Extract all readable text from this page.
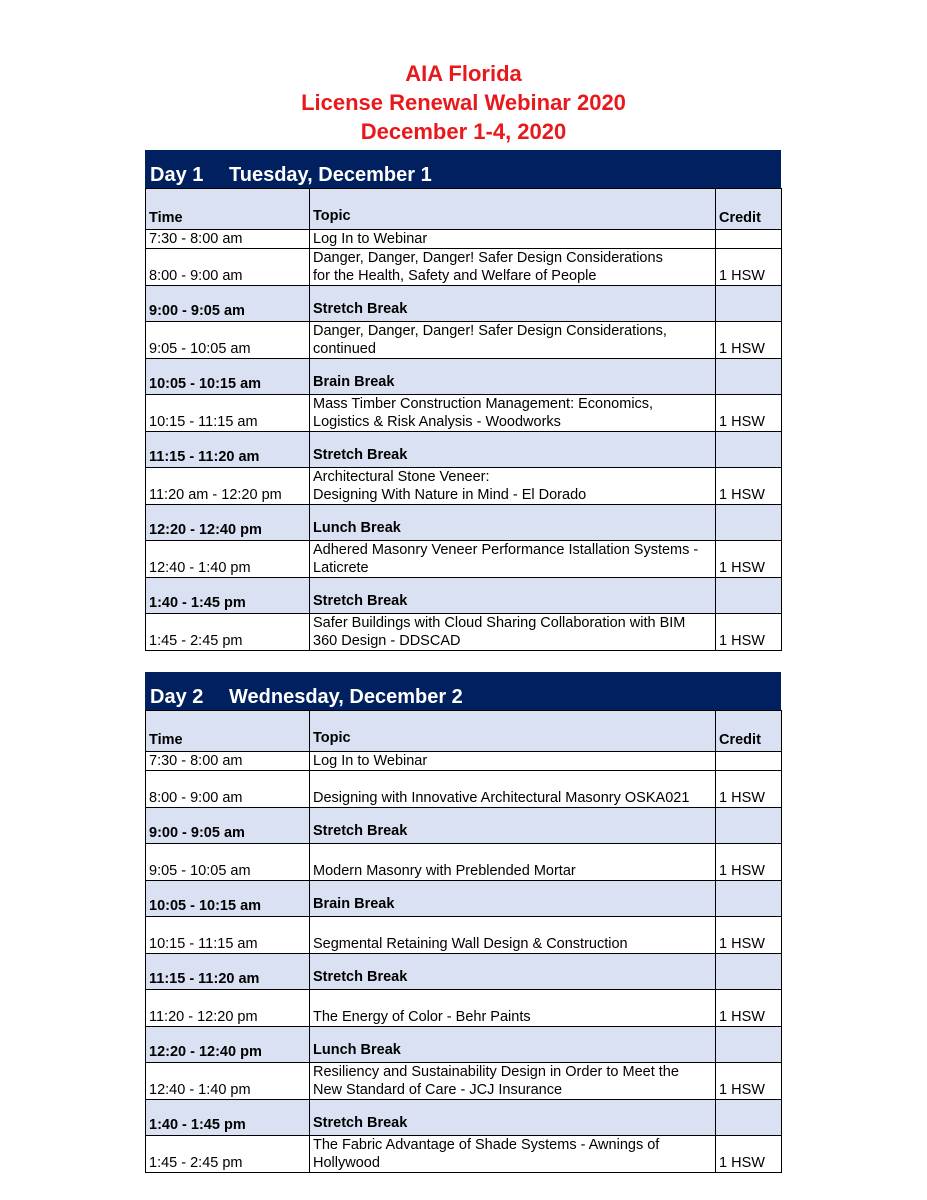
AIA Florida
License Renewal Webinar 2020
December 1-4, 2020
Day 1 Tuesday, December 1
Time	Topic	Credit
7:30 - 8:00 am	Log In to Webinar	

8:00 - 9:00 am	Danger, Danger, Danger! Safer Design Considerations
for the Health, Safety and Welfare of People	1 HSW
9:00 - 9:05 am	Stretch Break	

9:05 - 10:05 am	Danger, Danger, Danger! Safer Design Considerations,
continued	1 HSW
10:05 - 10:15 am	Brain Break	

10:15 - 11:15 am	Mass Timber Construction Management: Economics,
Logistics & Risk Analysis - Woodworks	1 HSW
11:15 - 11:20 am	Stretch Break	

11:20 am - 12:20 pm	Architectural Stone Veneer:
Designing With Nature in Mind - El Dorado	1 HSW
12:20 - 12:40 pm	Lunch Break	

12:40 - 1:40 pm	Adhered Masonry Veneer Performance Istallation Systems -
Laticrete	1 HSW
1:40 - 1:45 pm	Stretch Break	

1:45 - 2:45 pm	Safer Buildings with Cloud Sharing Collaboration with BIM
360 Design - DDSCAD	1 HSW
Day 2 Wednesday, December 2
Time	Topic	Credit
7:30 - 8:00 am	Log In to Webinar	

8:00 - 9:00 am	Designing with Innovative Architectural Masonry OSKA021	1 HSW
9:00 - 9:05 am	Stretch Break	

9:05 - 10:05 am	Modern Masonry with Preblended Mortar	1 HSW
10:05 - 10:15 am	Brain Break	

10:15 - 11:15 am	Segmental Retaining Wall Design & Construction	1 HSW
11:15 - 11:20 am	Stretch Break	

11:20 - 12:20 pm	The Energy of Color - Behr Paints	1 HSW
12:20 - 12:40 pm	Lunch Break	

12:40 - 1:40 pm	Resiliency and Sustainability Design in Order to Meet the
New Standard of Care - JCJ Insurance	1 HSW
1:40 - 1:45 pm	Stretch Break	

1:45 - 2:45 pm	The Fabric Advantage of Shade Systems - Awnings of
Hollywood	1 HSW
